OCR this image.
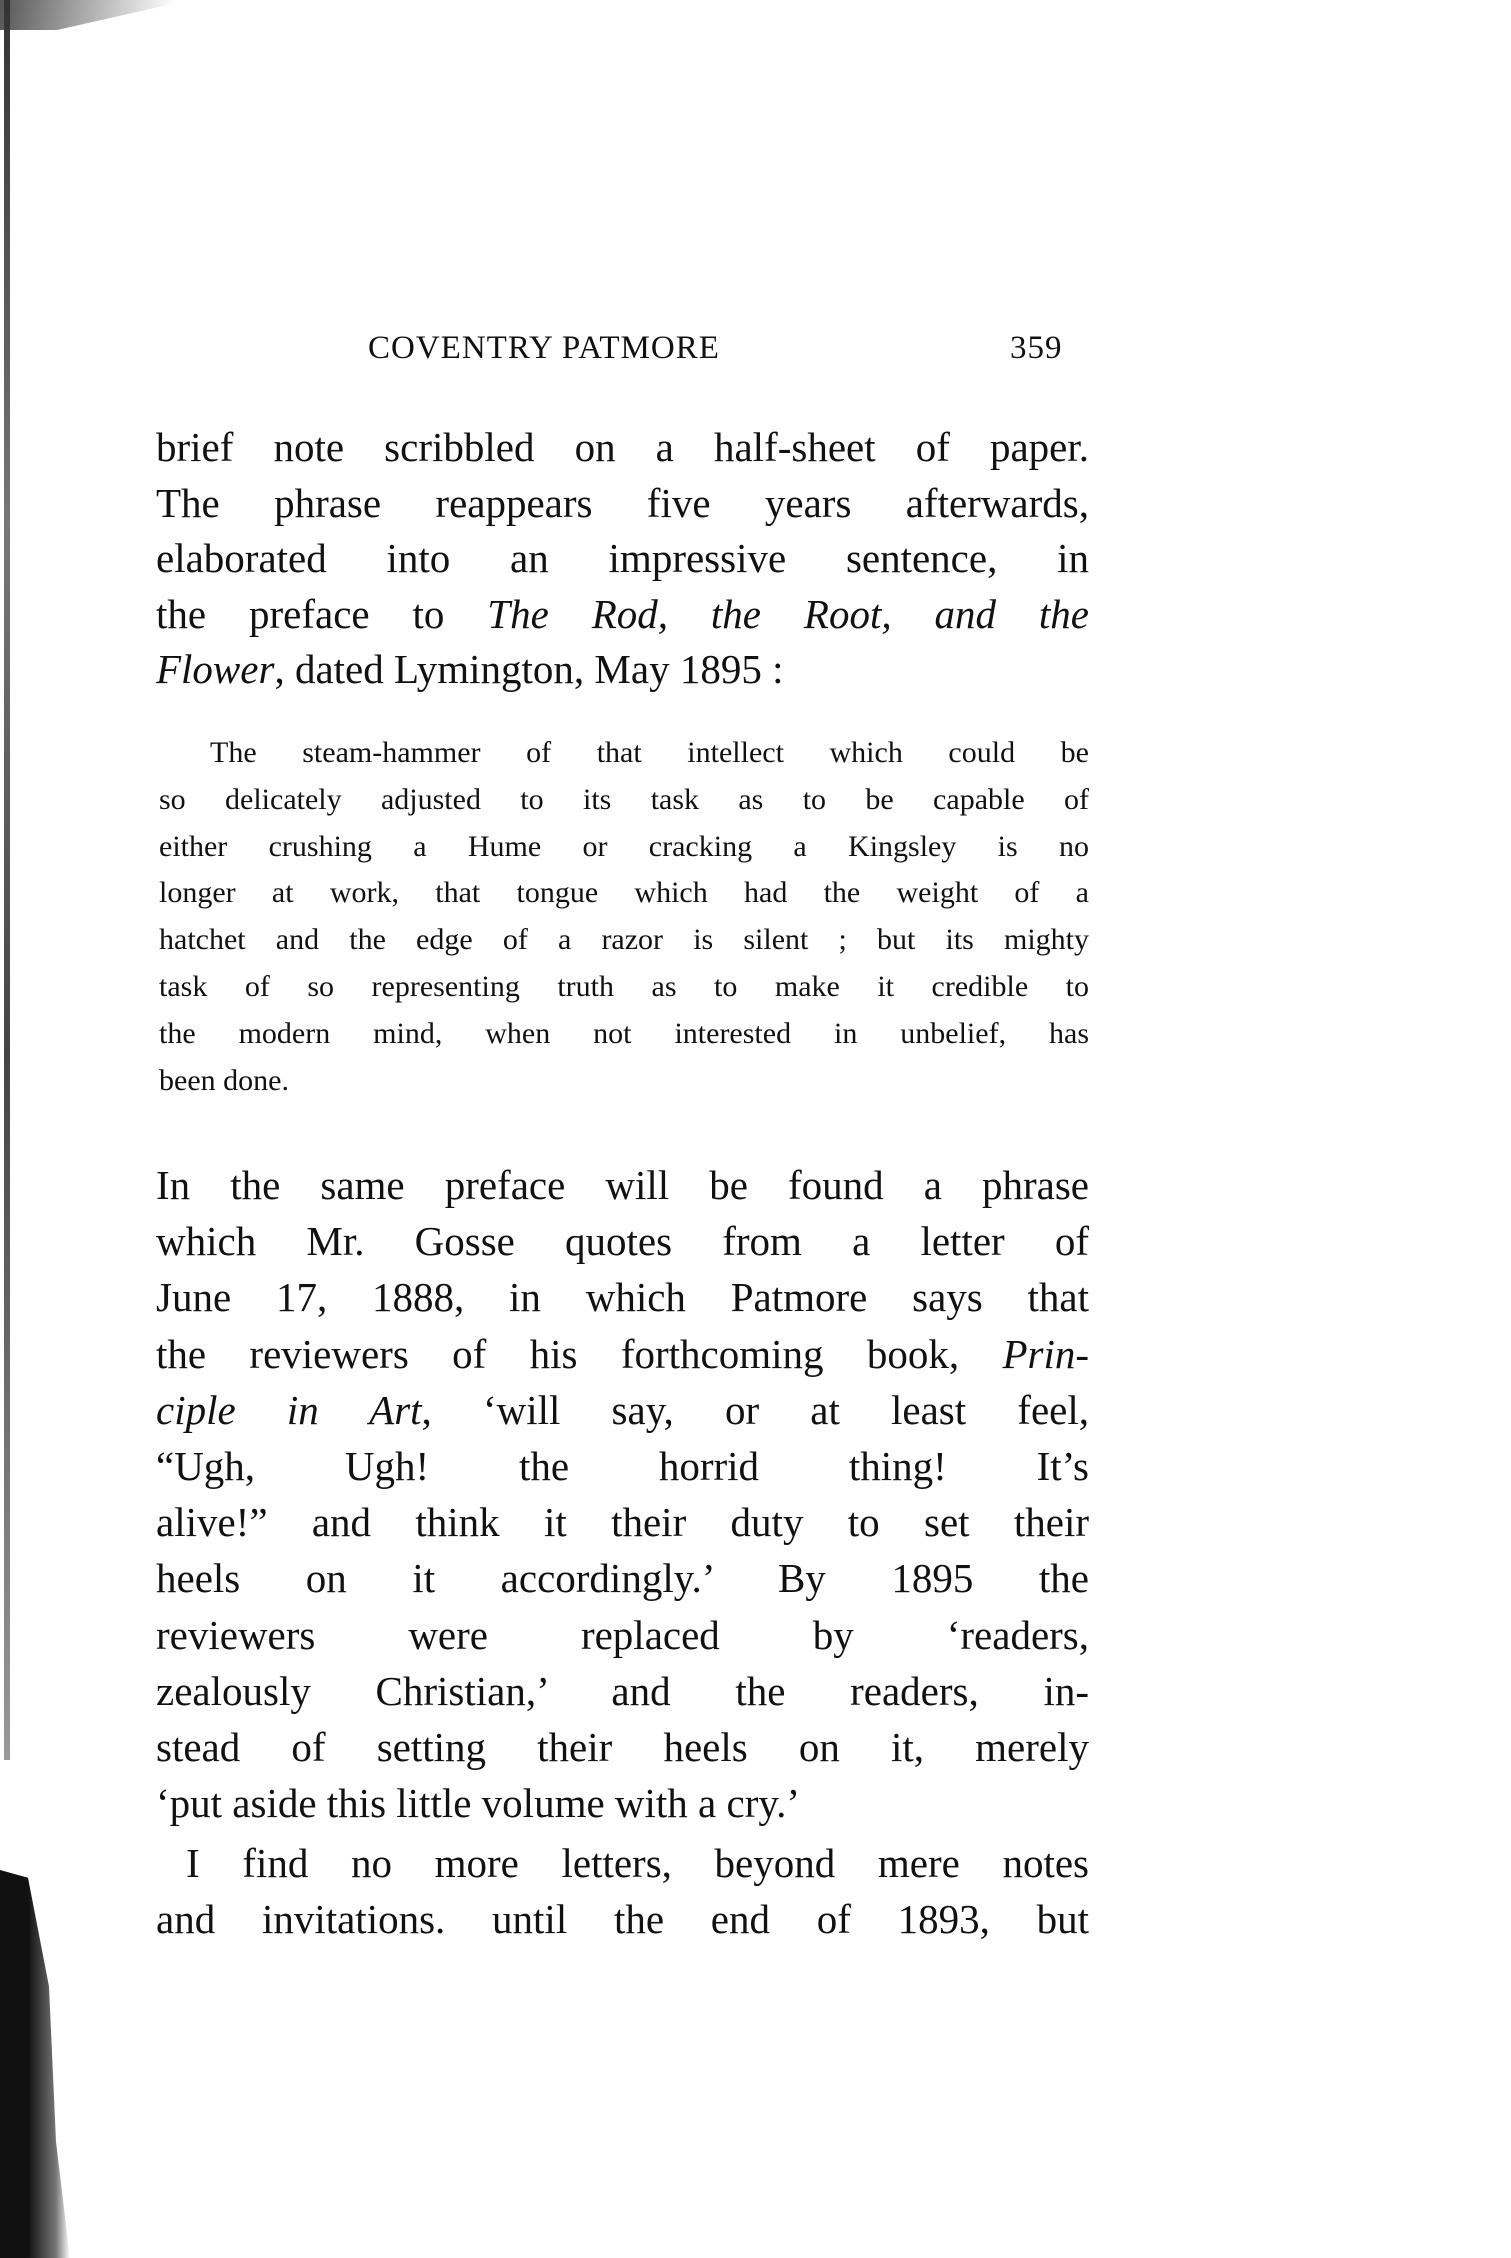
COVENTRY PATMORE	359
brief note scribbled on a half-sheet of paper.
The phrase reappears five years afterwards,
elaborated into an impressive sentence, in
the preface to The Rod, the Root, and the
Flower, dated Lymington, May 1895 :
The steam-hammer of that intellect which could be
so delicately adjusted to its task as to be capable of
either crushing a Hume or cracking a Kingsley is no
longer at work, that tongue which had the weight of a
hatchet and the edge of a razor is silent ; but its mighty
task of so representing truth as to make it credible to
the modern mind, when not interested in unbelief, has
been done.
In the same preface will be found a phrase
which Mr. Gosse quotes from a letter of
June 17, 1888, in which Patmore says that
the reviewers of his forthcoming book, Prin-
ciple in Art, ‘will say, or at least feel,
“Ugh, Ugh! the horrid thing! It’s
alive!” and think it their duty to set their
heels on it accordingly.’ By 1895 the
reviewers were replaced by ‘readers,
zealously Christian,’ and the readers, in-
stead of setting their heels on it, merely
‘put aside this little volume with a cry.’
I find no more letters, beyond mere notes
and invitations. until the end of 1893, but
